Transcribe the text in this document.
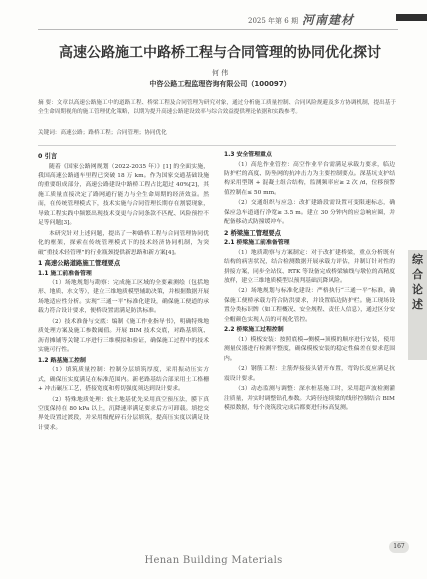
2025 年第 6 期 河南建材
综合论述
高速公路施工中路桥工程与合同管理的协同优化探讨
何 伟
中咨公路工程监理咨询有限公司（100097）
摘 要：文章以高速公路施工中的道路工程、桥梁工程及合同管理为研究对象，通过分析施工质量控制、合同风险规避及多方协调机制，提出基于全生命周期视角的施工管理优化策略，以期为提升高速公路建设效率与综合效益提供理论依据和实践参考。
关键词：高速公路；路桥工程；合同管理；协同优化
0 引言

随着《国家公路网规划（2022-2035 年）》[1] 的全面实施，我国高速公路通车里程已突破 18 万 km。作为国家交通基础设施的重要组成部分，高速公路建设中路桥工程占比超过 40%[2]，其施工质量直接决定了路网通行能力与全生命周期的经济效益。然而，在传统管理模式下，技术实施与合同管理长期存在割裂现象，导致工程实践中频繁出现技术变更与合同条款不匹配、风险预控不足等问题[3]。

本研究针对上述问题，提出了一种路桥工程与合同管理协同优化的框架，探索在传统管理模式下的技术经济协同机制，为突破“重技术轻管理”的行业瓶颈提供新思路和新方案[4]。

1 高速公路道路施工管理要点
1.1 施工前准备管理

（1）场地规划与勘察：完成施工区域的全要素测绘（包括地形、地质、水文等），建立三维地质模型辅助决策，并根据数据开展场地适应性分析。实现“三通一平”标准化建设，确保施工便道的承载力符合设计要求，便桥设置需满足防洪标准。

（2）技术准备与交底：编制《施工作业指导书》，明确特殊地质处理方案及施工参数阈值。开展 BIM 技术交底，对路基填筑、沥青摊铺等关键工序进行三维模拟和验证，确保施工过程中的技术实施可行性。

1.2 路基施工控制

（1）填筑质量控制：控制分层填筑厚度，采用振动压实方式，确保压实度满足在标准范围内。新老路基结合部采用土工格栅 + 冲击碾压工艺，搭接宽度和剪切强度须达到设计要求。

（2）特殊地质处理：软土地基优先采用真空预压法，膜下真空度保持在 80 kPa 以上，沉降速率满足要求后方可卸载。填挖交界处设置过渡段，并采用级配碎石分层填筑，提高压实度以满足设计要求。

1.3 安全管理重点

（1）高危作业管控：高空作业平台需满足承载力要求，临边防护栏的高度、防坠网的抗冲击力为主要控制要点。深基坑支护结构采用型钢 + 混凝土组合结构，监测频率应≥ 2 次 /d，位移预警值控制在≤ 50 mm。

（2）交通组织与应急：改扩建路段需设置可变限速标志，确保应急车道通行净宽≥ 3.5 m。建立 30 分钟内的应急响应圈，并配备移动式防撞缓冲车。

2 桥梁施工管理要点
2.1 桥梁施工前准备管理

（1）地质勘察与方案制定：对于改扩建桥梁，重点分析既有结构的病害状况，结合检测数据开展承载力评估，并制订针对性的拼接方案，同步全站仪、RTK 等设备完成桥梁轴线与墩位的高精度放样，建立三维地质模型以预判基础沉降风险。

（2）场地规划与标准化建设：严格执行“三通一平”标准，确保施工便桥承载力符合防洪要求，并设置临边防护栏。施工现场设置分类标识牌（如工程概况、安全规程、责任人信息），通过区分安全帽颜色实现人员的可视化管控。

2.2 桥梁施工过程控制

（1）模板安装：按照底模→侧模→顶模的顺序进行安装，使用测量仪器进行检测平整度，确保模板安装的稳定性偏差在要求范围内。

（2）钢筋工程：主筋焊接接头错开布置，弯钩长度应满足抗震设计要求。

（3）动态监测与调整：深水桩基施工时，采用超声波检测灌注质量，并实时调整钻孔参数。大跨径连续梁的线形控制结合 BIM 模拟数据，每个浇筑段完成后都要进行标高复测。

167
Henan Building Materials
